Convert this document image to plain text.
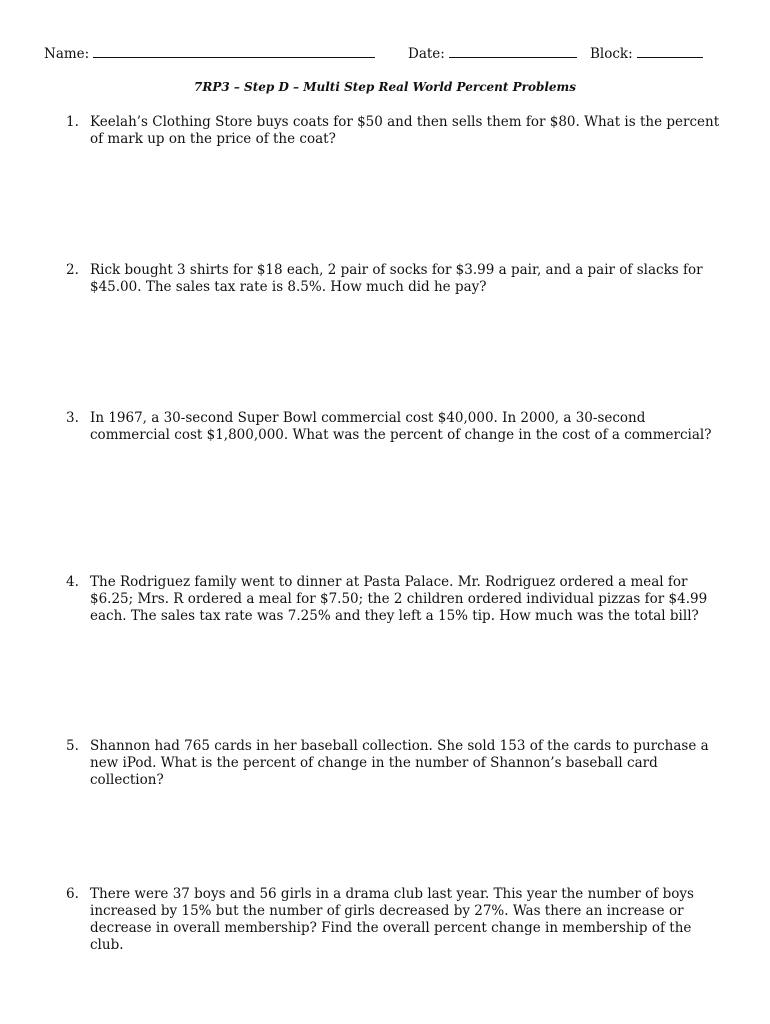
Name:	Date:	Block:
7RP3 – Step D – Multi Step Real World Percent Problems
1. Keelah’s Clothing Store buys coats for $50 and then sells them for $80. What is the percent of mark up on the price of the coat?
2. Rick bought 3 shirts for $18 each, 2 pair of socks for $3.99 a pair, and a pair of slacks for $45.00. The sales tax rate is 8.5%. How much did he pay?
3. In 1967, a 30-second Super Bowl commercial cost $40,000. In 2000, a 30-second commercial cost $1,800,000. What was the percent of change in the cost of a commercial?
4. The Rodriguez family went to dinner at Pasta Palace. Mr. Rodriguez ordered a meal for $6.25; Mrs. R ordered a meal for $7.50; the 2 children ordered individual pizzas for $4.99 each. The sales tax rate was 7.25% and they left a 15% tip. How much was the total bill?
5. Shannon had 765 cards in her baseball collection. She sold 153 of the cards to purchase a new iPod. What is the percent of change in the number of Shannon’s baseball card collection?
6. There were 37 boys and 56 girls in a drama club last year. This year the number of boys increased by 15% but the number of girls decreased by 27%. Was there an increase or decrease in overall membership? Find the overall percent change in membership of the club.
